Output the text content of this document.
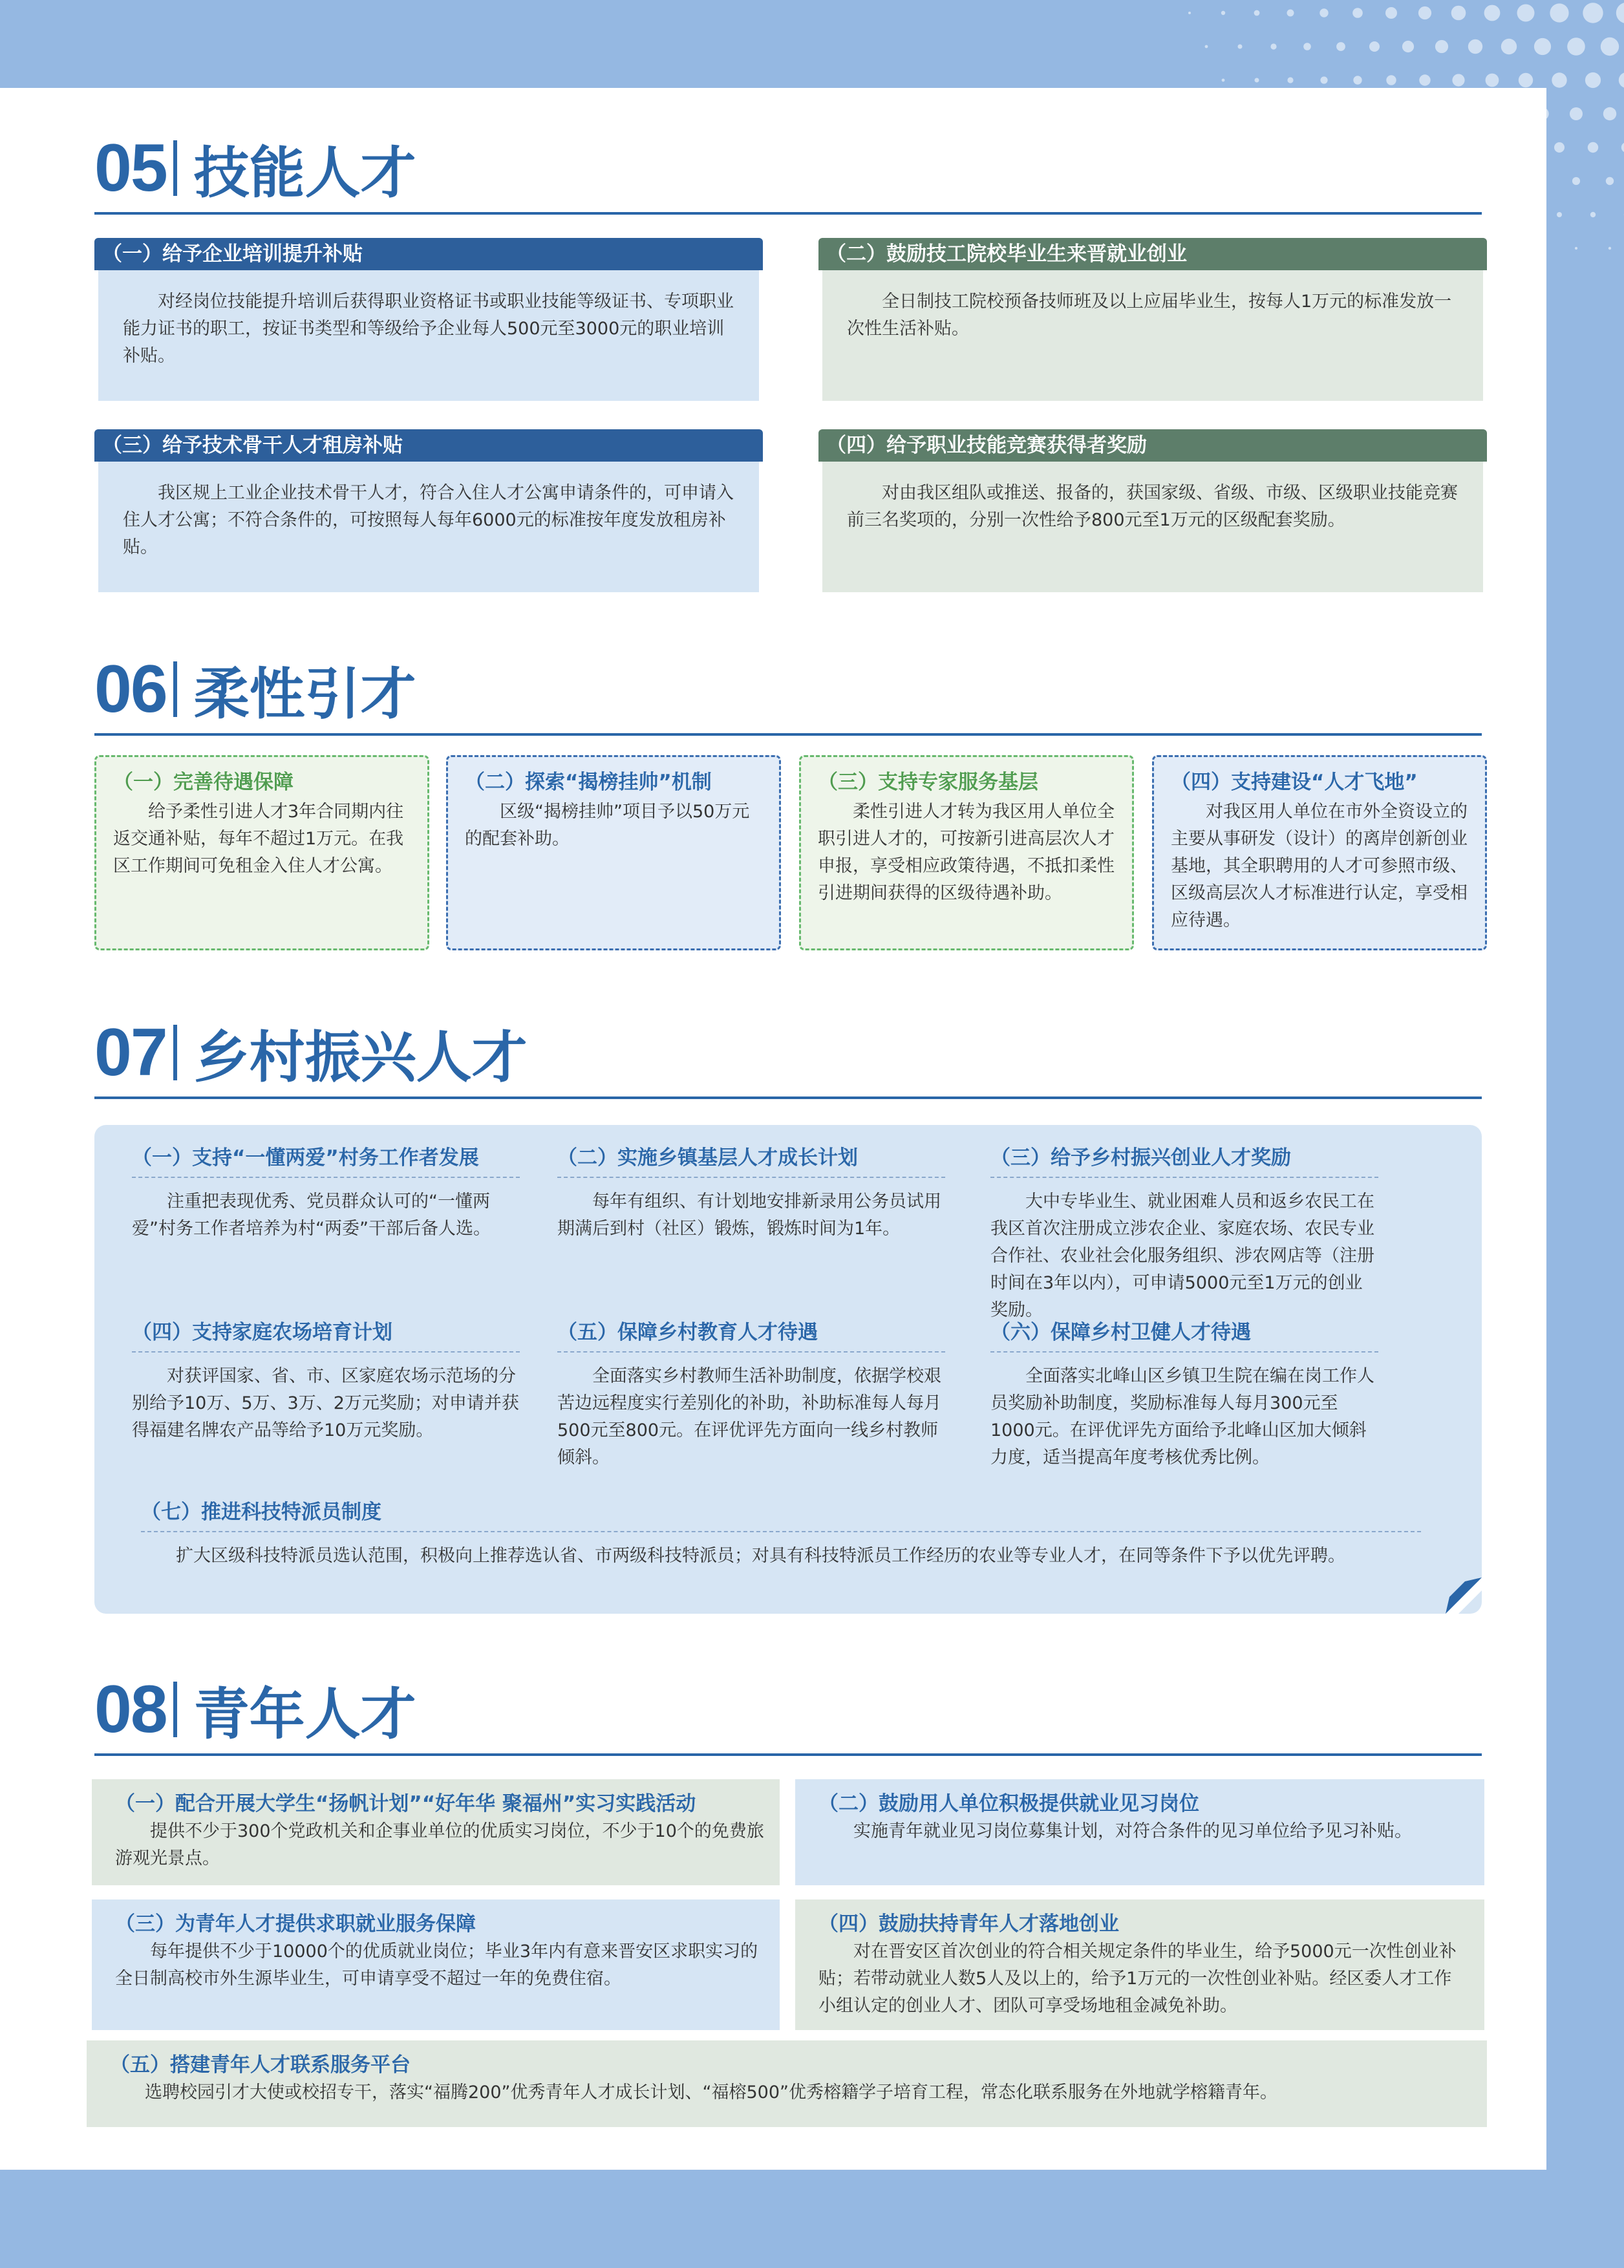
05 技能人才
（一）给予企业培训提升补贴
对经岗位技能提升培训后获得职业资格证书或职业技能等级证书、专项职业能力证书的职工，按证书类型和等级给予企业每人500元至3000元的职业培训补贴。
（二）鼓励技工院校毕业生来晋就业创业
全日制技工院校预备技师班及以上应届毕业生，按每人1万元的标准发放一次性生活补贴。
（三）给予技术骨干人才租房补贴
我区规上工业企业技术骨干人才，符合入住人才公寓申请条件的，可申请入住人才公寓；不符合条件的，可按照每人每年6000元的标准按年度发放租房补贴。
（四）给予职业技能竞赛获得者奖励
对由我区组队或推送、报备的，获国家级、省级、市级、区级职业技能竞赛前三名奖项的，分别一次性给予800元至1万元的区级配套奖励。
06 柔性引才
（一）完善待遇保障
给予柔性引进人才3年合同期内往返交通补贴，每年不超过1万元。在我区工作期间可免租金入住人才公寓。
（二）探索“揭榜挂帅”机制
区级“揭榜挂帅”项目予以50万元的配套补助。
（三）支持专家服务基层
柔性引进人才转为我区用人单位全职引进人才的，可按新引进高层次人才申报，享受相应政策待遇，不抵扣柔性引进期间获得的区级待遇补助。
（四）支持建设“人才飞地”
对我区用人单位在市外全资设立的主要从事研发（设计）的离岸创新创业基地，其全职聘用的人才可参照市级、区级高层次人才标准进行认定，享受相应待遇。
07 乡村振兴人才
（一）支持“一懂两爱”村务工作者发展
注重把表现优秀、党员群众认可的“一懂两爱”村务工作者培养为村“两委”干部后备人选。
（二）实施乡镇基层人才成长计划
每年有组织、有计划地安排新录用公务员试用期满后到村（社区）锻炼，锻炼时间为1年。
（三）给予乡村振兴创业人才奖励
大中专毕业生、就业困难人员和返乡农民工在我区首次注册成立涉农企业、家庭农场、农民专业合作社、农业社会化服务组织、涉农网店等（注册时间在3年以内），可申请5000元至1万元的创业奖励。
（四）支持家庭农场培育计划
对获评国家、省、市、区家庭农场示范场的分别给予10万、5万、3万、2万元奖励；对申请并获得福建名牌农产品等给予10万元奖励。
（五）保障乡村教育人才待遇
全面落实乡村教师生活补助制度，依据学校艰苦边远程度实行差别化的补助，补助标准每人每月500元至800元。在评优评先方面向一线乡村教师倾斜。
（六）保障乡村卫健人才待遇
全面落实北峰山区乡镇卫生院在编在岗工作人员奖励补助制度，奖励标准每人每月300元至1000元。在评优评先方面给予北峰山区加大倾斜力度，适当提高年度考核优秀比例。
（七）推进科技特派员制度
扩大区级科技特派员选认范围，积极向上推荐选认省、市两级科技特派员；对具有科技特派员工作经历的农业等专业人才，在同等条件下予以优先评聘。
08 青年人才
（一）配合开展大学生“扬帆计划”“好年华 聚福州”实习实践活动
提供不少于300个党政机关和企事业单位的优质实习岗位，不少于10个的免费旅游观光景点。
（二）鼓励用人单位积极提供就业见习岗位
实施青年就业见习岗位募集计划，对符合条件的见习单位给予见习补贴。
（三）为青年人才提供求职就业服务保障
每年提供不少于10000个的优质就业岗位；毕业3年内有意来晋安区求职实习的全日制高校市外生源毕业生，可申请享受不超过一年的免费住宿。
（四）鼓励扶持青年人才落地创业
对在晋安区首次创业的符合相关规定条件的毕业生，给予5000元一次性创业补贴；若带动就业人数5人及以上的，给予1万元的一次性创业补贴。经区委人才工作小组认定的创业人才、团队可享受场地租金减免补助。
（五）搭建青年人才联系服务平台
选聘校园引才大使或校招专干，落实“福腾200”优秀青年人才成长计划、“福榕500”优秀榕籍学子培育工程，常态化联系服务在外地就学榕籍青年。
